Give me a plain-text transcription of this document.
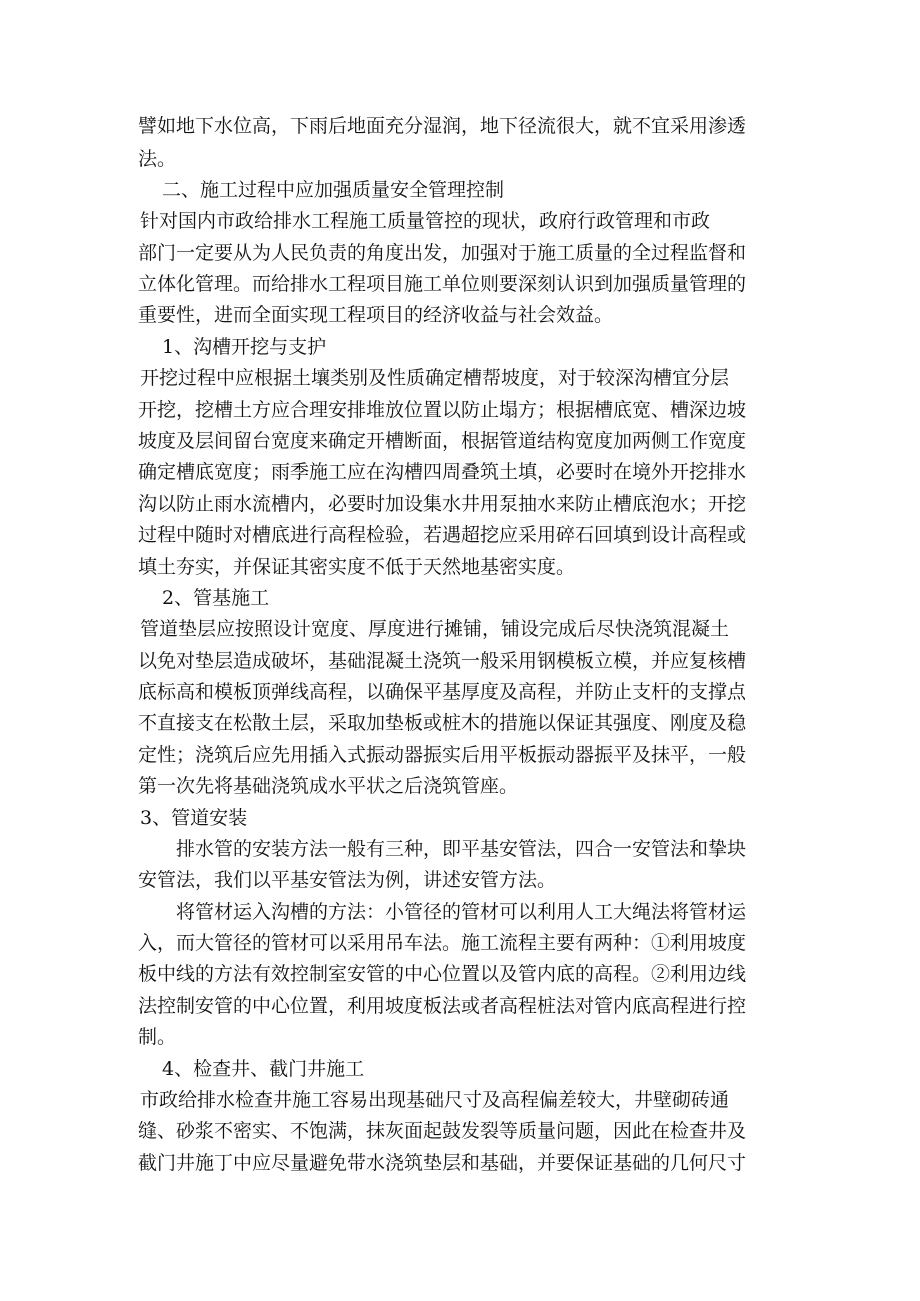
譬如地下水位高，下雨后地面充分湿润，地下径流很大，就不宜采用渗透
法。
二、施工过程中应加强质量安全管理控制
针对国内市政给排水工程施工质量管控的现状，政府行政管理和市政
部门一定要从为人民负责的角度出发，加强对于施工质量的全过程监督和
立体化管理。而给排水工程项目施工单位则要深刻认识到加强质量管理的
重要性，进而全面实现工程项目的经济收益与社会效益。
1、沟槽开挖与支护
开挖过程中应根据土壤类别及性质确定槽帮坡度，对于较深沟槽宜分层
开挖，挖槽土方应合理安排堆放位置以防止塌方；根据槽底宽、槽深边坡
坡度及层间留台宽度来确定开槽断面，根据管道结构宽度加两侧工作宽度
确定槽底宽度；雨季施工应在沟槽四周叠筑土填，必要时在境外开挖排水
沟以防止雨水流槽内，必要时加设集水井用泵抽水来防止槽底泡水；开挖
过程中随时对槽底进行高程检验，若遇超挖应采用碎石回填到设计高程或
填土夯实，并保证其密实度不低于天然地基密实度。
2、管基施工
管道垫层应按照设计宽度、厚度进行摊铺，铺设完成后尽快浇筑混凝土
以免对垫层造成破坏，基础混凝土浇筑一般采用钢模板立模，并应复核槽
底标高和模板顶弹线高程，以确保平基厚度及高程，并防止支杆的支撑点
不直接支在松散土层，采取加垫板或桩木的措施以保证其强度、刚度及稳
定性；浇筑后应先用插入式振动器振实后用平板振动器振平及抹平，一般
第一次先将基础浇筑成水平状之后浇筑管座。
3、管道安装
排水管的安装方法一般有三种，即平基安管法，四合一安管法和挚块
安管法，我们以平基安管法为例，讲述安管方法。
将管材运入沟槽的方法：小管径的管材可以利用人工大绳法将管材运
入，而大管径的管材可以采用吊车法。施工流程主要有两种：①利用坡度
板中线的方法有效控制室安管的中心位置以及管内底的高程。②利用边线
法控制安管的中心位置，利用坡度板法或者高程桩法对管内底高程进行控
制。
4、检查井、截门井施工
市政给排水检查井施工容易出现基础尺寸及高程偏差较大，井壁砌砖通
缝、砂浆不密实、不饱满，抹灰面起鼓发裂等质量问题，因此在检查井及
截门井施丁中应尽量避免带水浇筑垫层和基础，并要保证基础的几何尺寸
